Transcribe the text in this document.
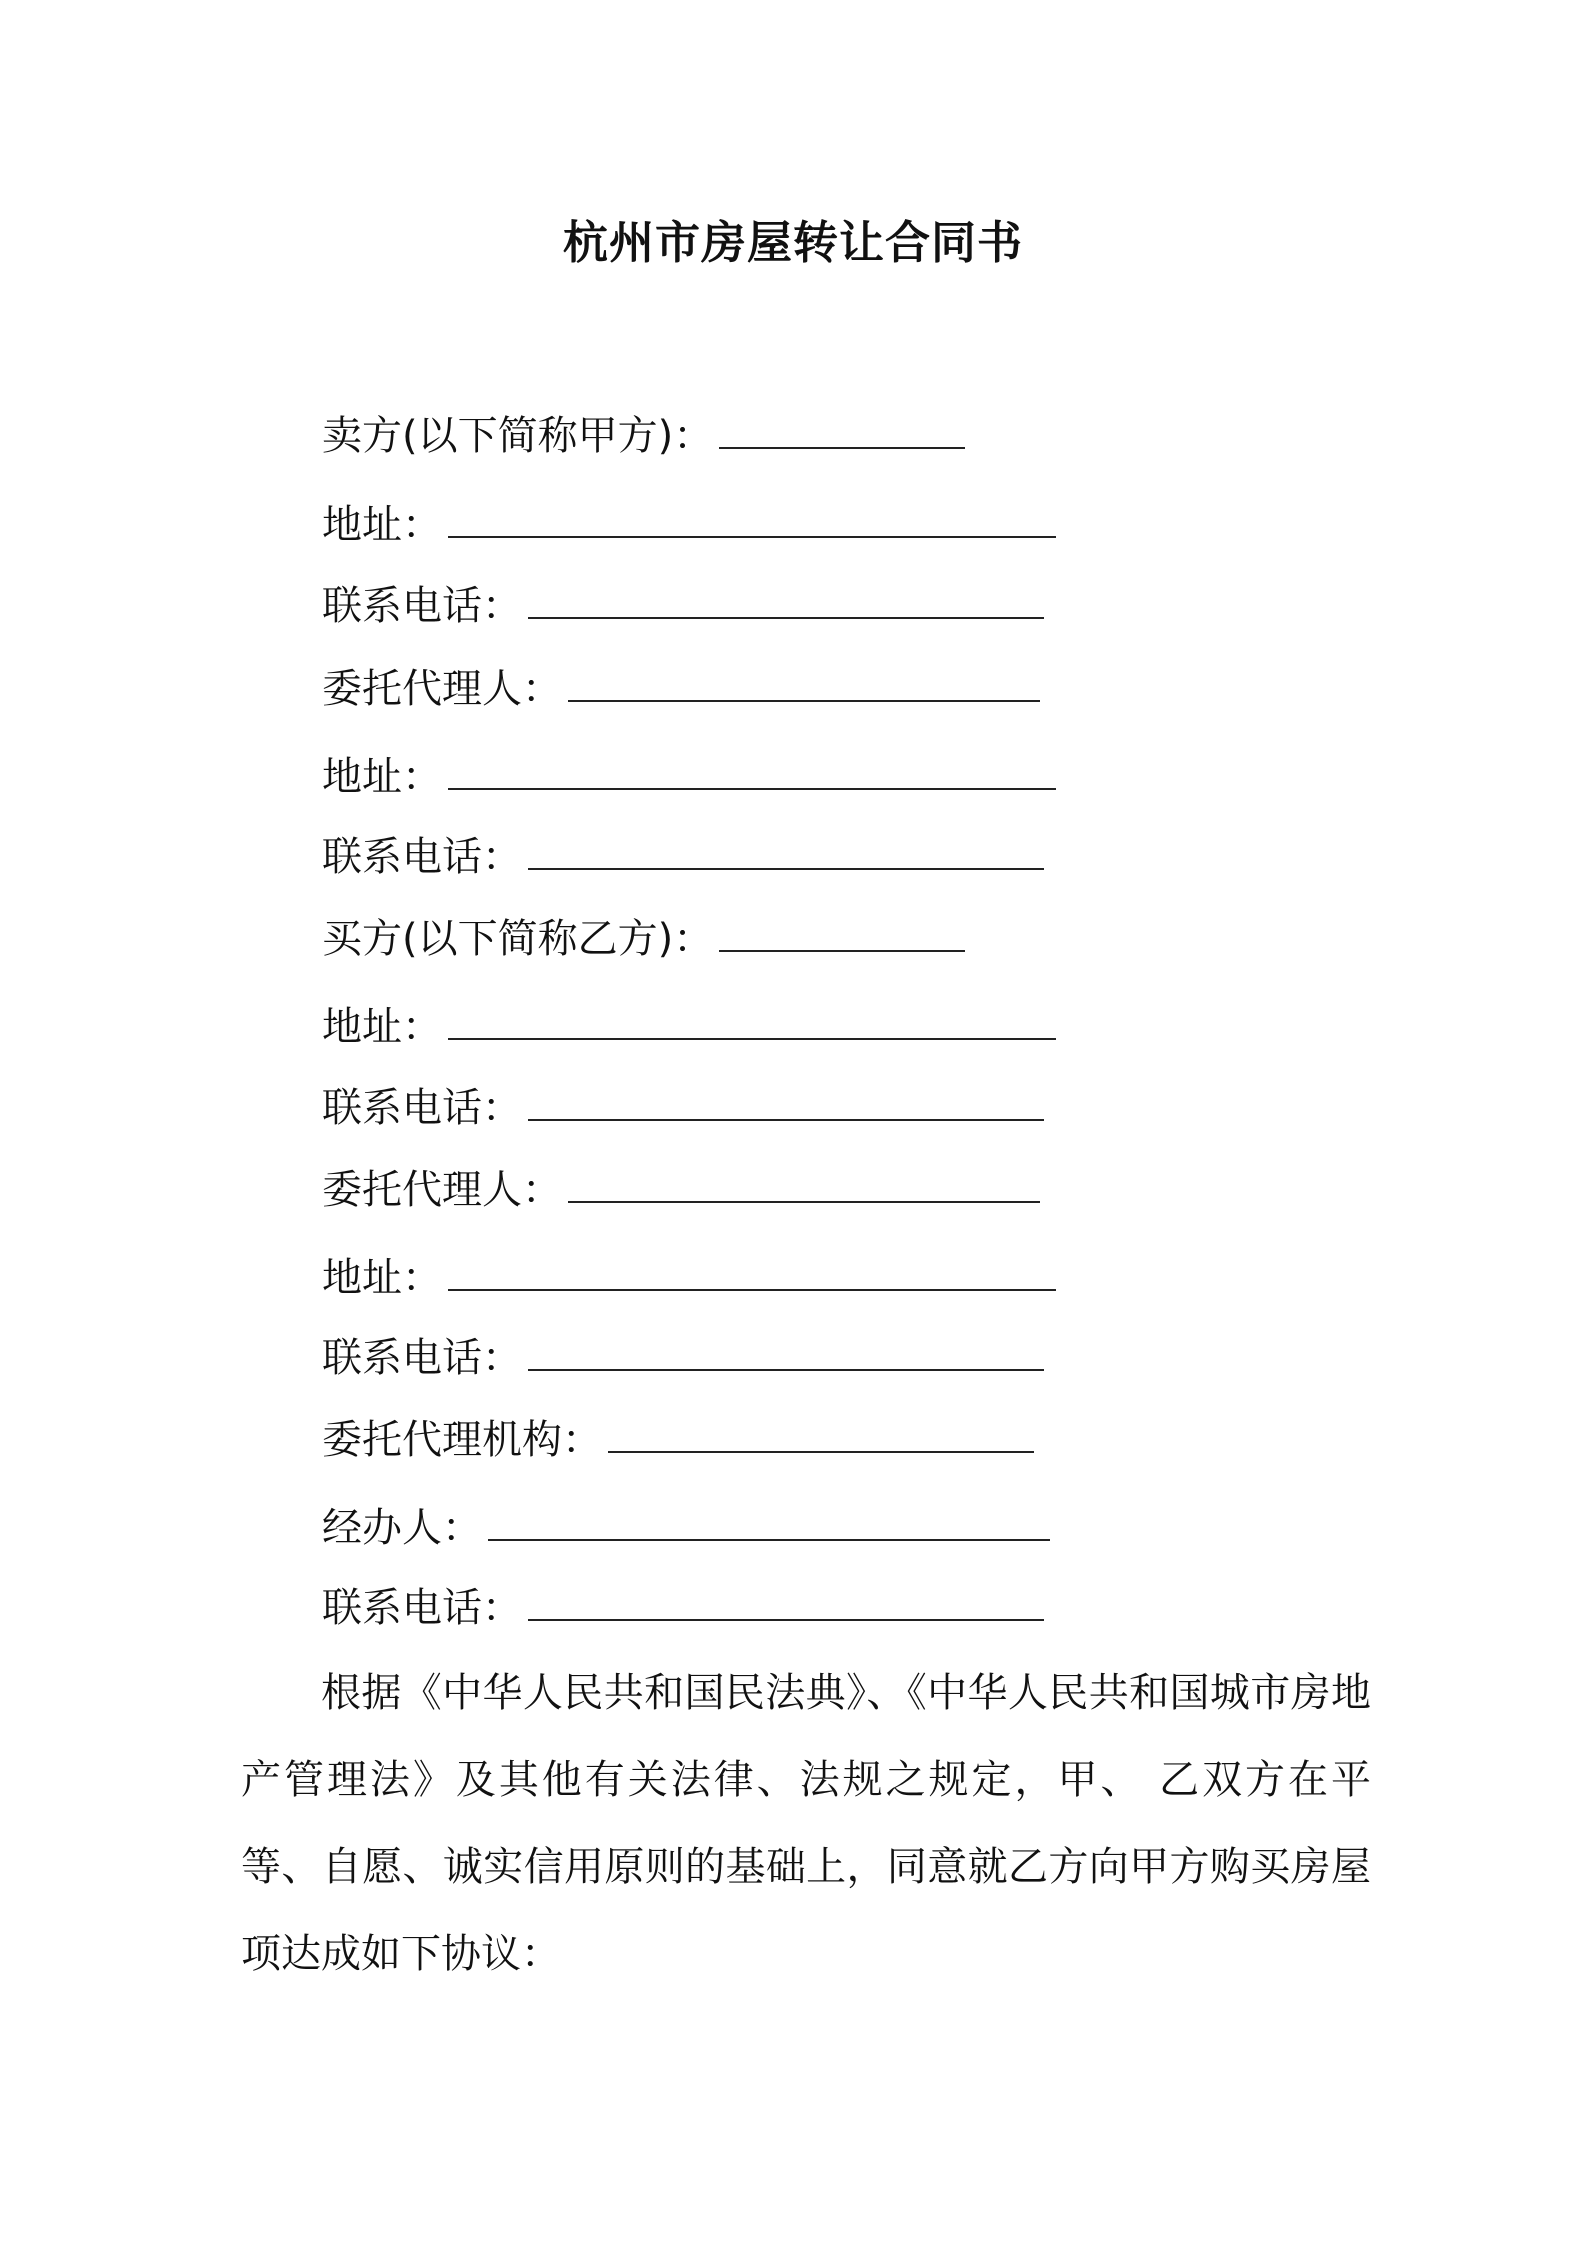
杭州市房屋转让合同书
卖方(以下简称甲方)：
地址：
联系电话：
委托代理人：
地址：
联系电话：
买方(以下简称乙方)：
地址：
联系电话：
委托代理人：
地址：
联系电话：
委托代理机构：
经办人：
联系电话：

根据《中华人民共和国民法典》、《中华人民共和国城市房地产管理法》及其他有关法律、法规之规定，甲、 乙双方在平等、自愿、诚实信用原则的基础上，同意就乙方向甲方购买房屋项达成如下协议：
